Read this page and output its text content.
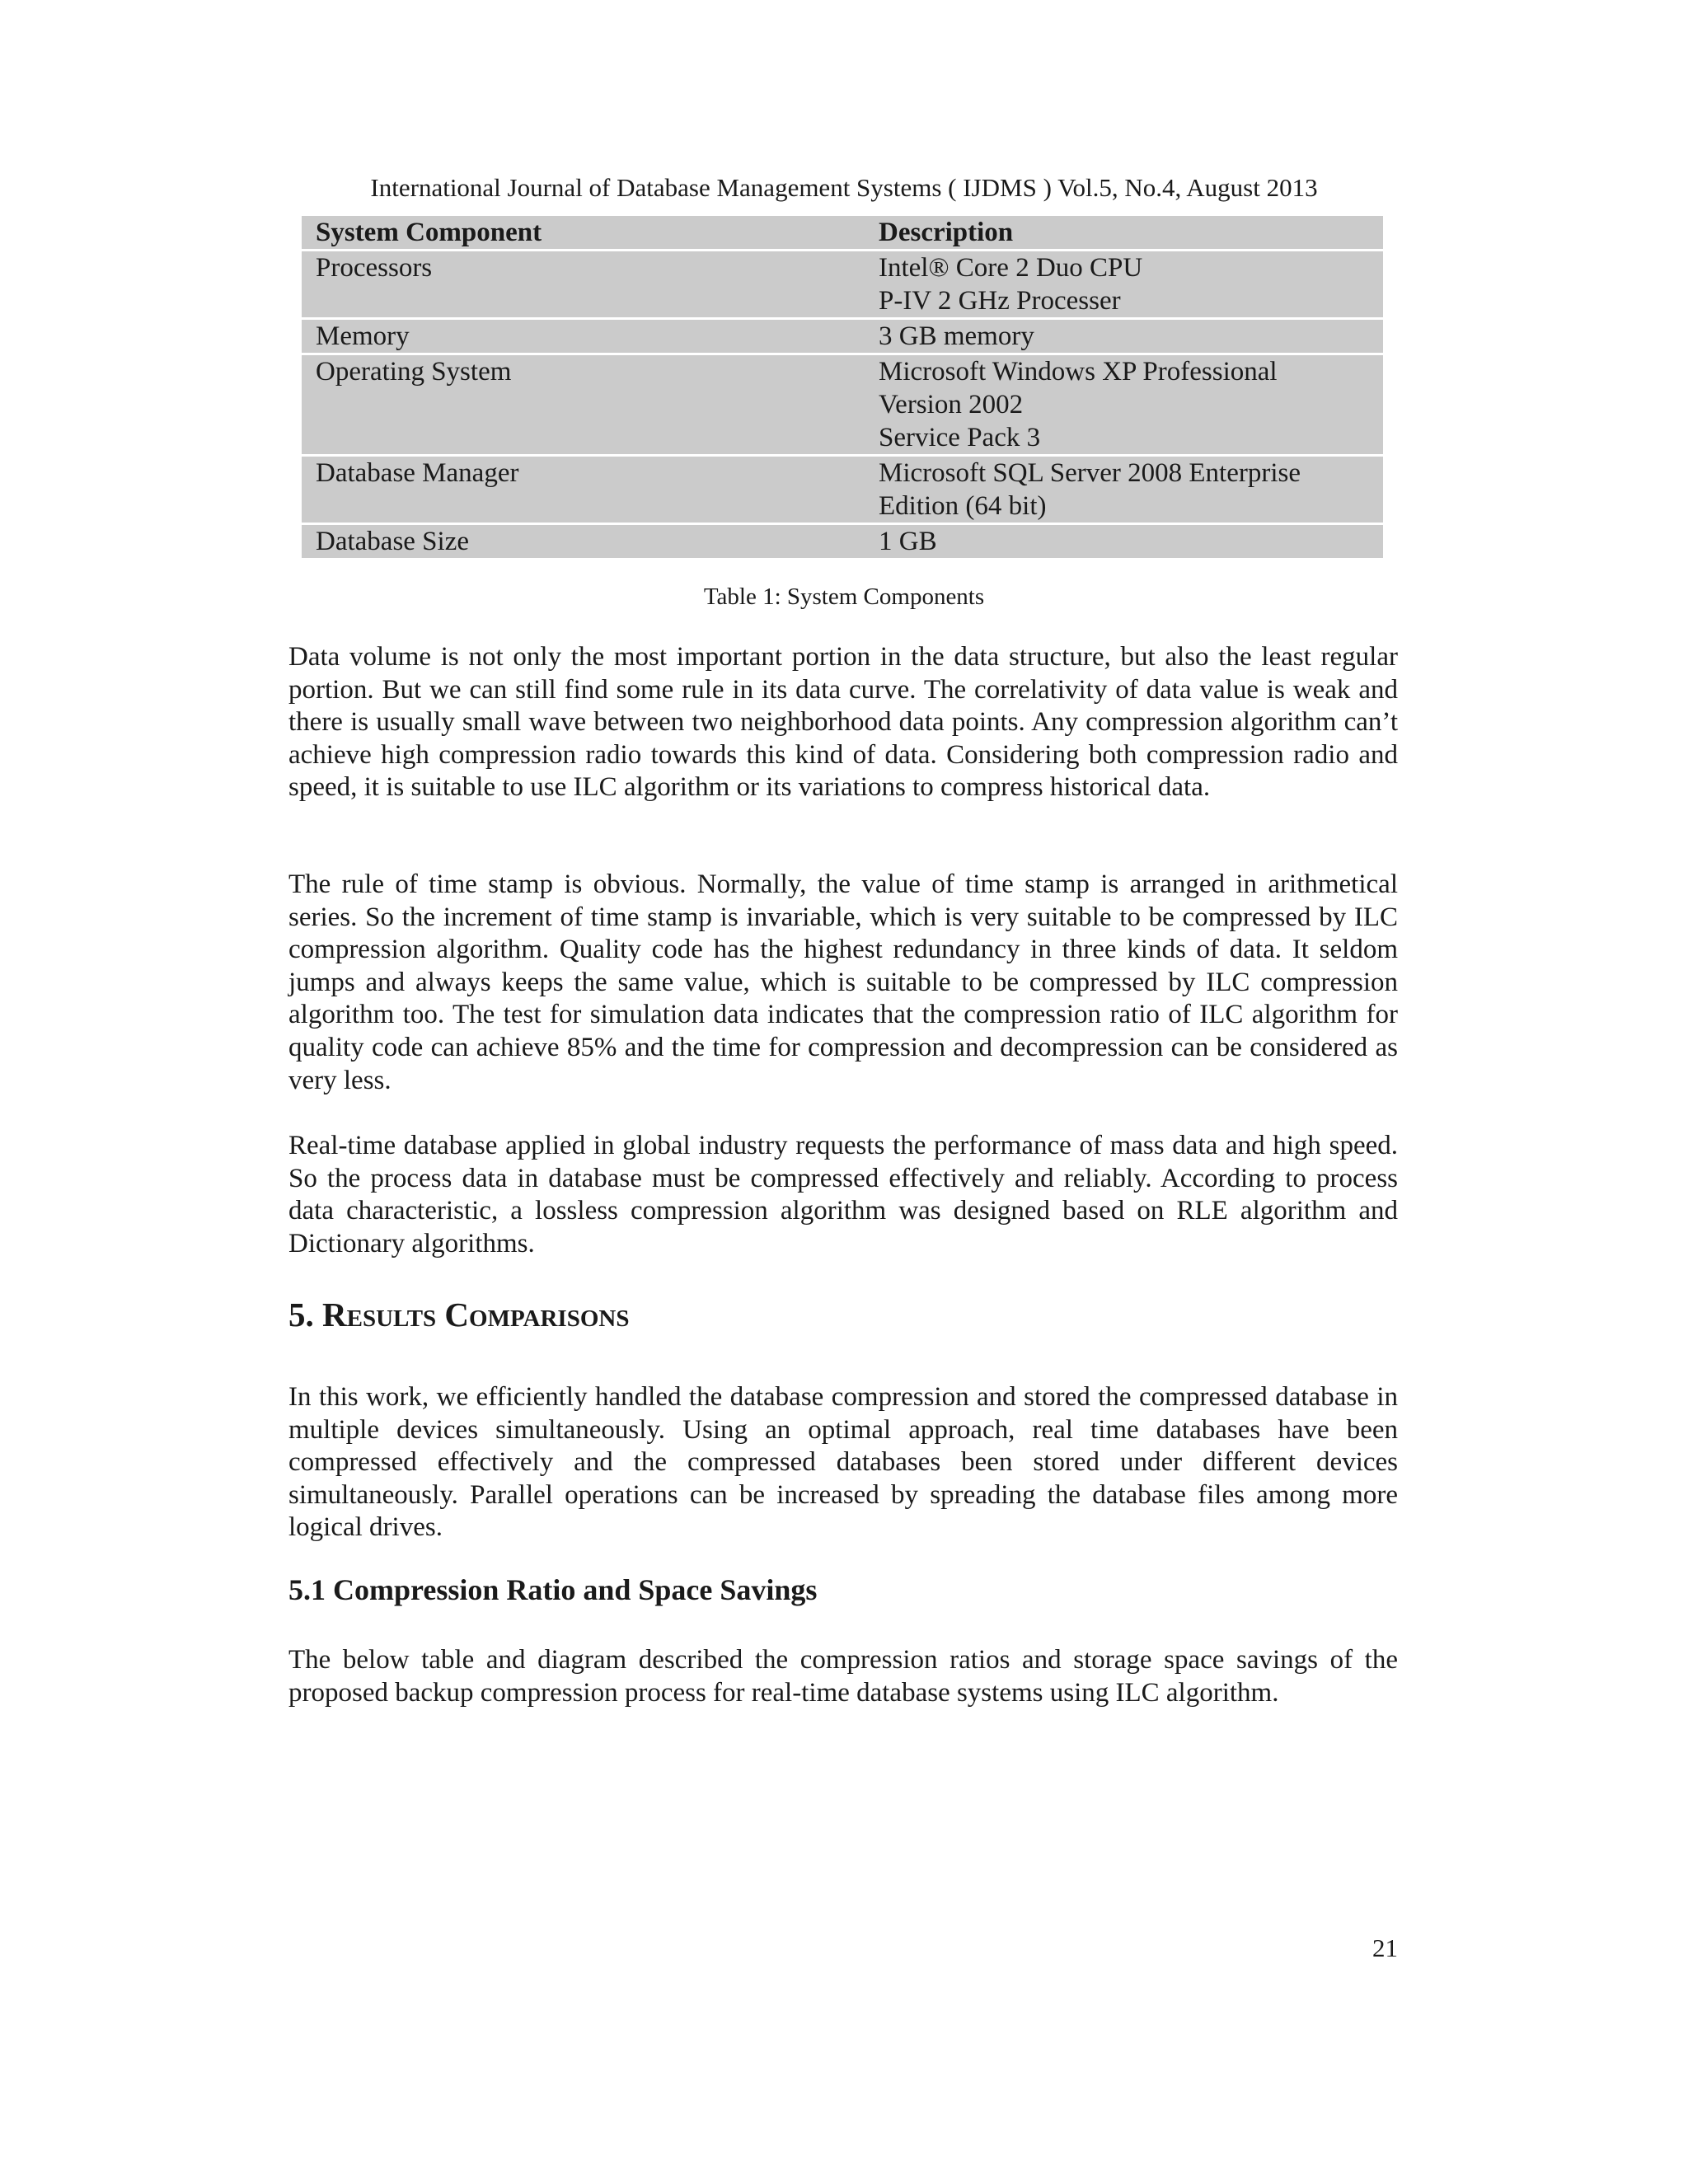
International Journal of Database Management Systems ( IJDMS ) Vol.5, No.4, August 2013
System Component	Description
Processors	Intel® Core 2 Duo CPU
P-IV 2 GHz Processer

Memory	3 GB memory

Operating System	Microsoft Windows XP Professional
Version 2002
Service Pack 3

Database Manager	Microsoft SQL Server 2008 Enterprise
Edition (64 bit)

Database Size	1 GB
Table 1: System Components

Data volume is not only the most important portion in the data structure, but also the least regular portion. But we can still find some rule in its data curve. The correlativity of data value is weak and there is usually small wave between two neighborhood data points. Any compression algorithm can’t achieve high compression radio towards this kind of data. Considering both compression radio and speed, it is suitable to use ILC algorithm or its variations to compress historical data.

The rule of time stamp is obvious. Normally, the value of time stamp is arranged in arithmetical series. So the increment of time stamp is invariable, which is very suitable to be compressed by ILC compression algorithm. Quality code has the highest redundancy in three kinds of data. It seldom jumps and always keeps the same value, which is suitable to be compressed by ILC compression algorithm too. The test for simulation data indicates that the compression ratio of ILC algorithm for quality code can achieve 85% and the time for compression and decompression can be considered as very less.

Real-time database applied in global industry requests the performance of mass data and high speed. So the process data in database must be compressed effectively and reliably. According to process data characteristic, a lossless compression algorithm was designed based on RLE algorithm and Dictionary algorithms.

5. Results Comparisons

In this work, we efficiently handled the database compression and stored the compressed database in multiple devices simultaneously. Using an optimal approach, real time databases have been compressed effectively and the compressed databases been stored under different devices simultaneously. Parallel operations can be increased by spreading the database files among more logical drives.

5.1 Compression Ratio and Space Savings

The below table and diagram described the compression ratios and storage space savings of the proposed backup compression process for real-time database systems using ILC algorithm.

21
